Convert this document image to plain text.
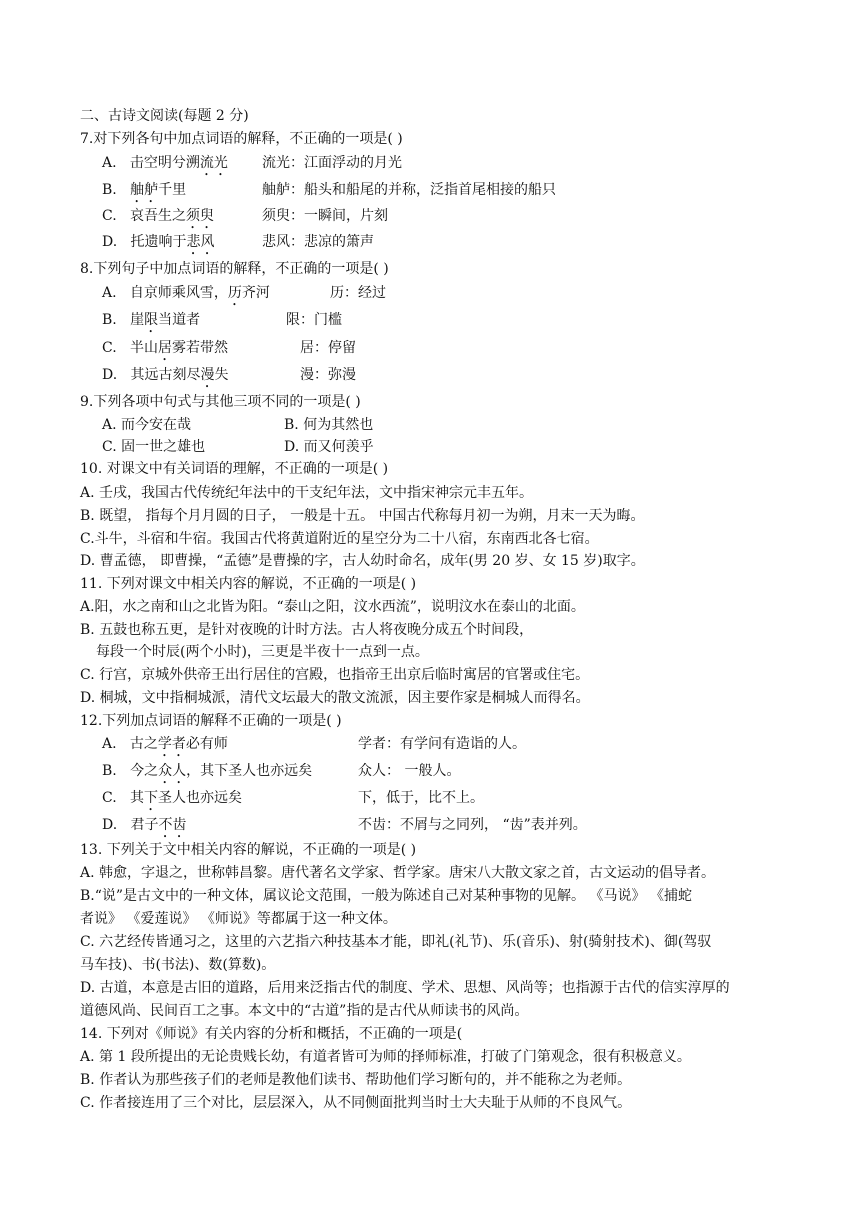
二、古诗文阅读(每题 2 分)
7.对下列各句中加点词语的解释，不正确的一项是( )
A. 击空明兮溯流光 流光：江面浮动的月光
B. 舳舻千里	舳舻：船头和船尾的并称，泛指首尾相接的船只
C. 哀吾生之须臾	须臾：一瞬间，片刻
D. 托遗响于悲风	悲风：悲凉的箫声
8.下列句子中加点词语的解释，不正确的一项是( )
A. 自京师乘风雪，历齐河	历：经过
B. 崖限当道者	限：门槛
C. 半山居雾若带然	居：停留
D. 其远古刻尽漫失	漫：弥漫
9.下列各项中句式与其他三项不同的一项是( )
A. 而今安在哉	B. 何为其然也
C. 固一世之雄也	D. 而又何羡乎
10. 对课文中有关词语的理解，不正确的一项是( )
A. 壬戌，我国古代传统纪年法中的干支纪年法，文中指宋神宗元丰五年。
B. 既望， 指每个月月圆的日子， 一般是十五。 中国古代称每月初一为朔，月末一天为晦。
C.斗牛，斗宿和牛宿。我国古代将黄道附近的星空分为二十八宿，东南西北各七宿。
D. 曹孟德， 即曹操，“孟德”是曹操的字，古人幼时命名，成年(男 20 岁、女 15 岁)取字。
11. 下列对课文中相关内容的解说，不正确的一项是( )
A.阳，水之南和山之北皆为阳。“泰山之阳，汶水西流”，说明汶水在泰山的北面。
B. 五鼓也称五更，是针对夜晚的计时方法。古人将夜晚分成五个时间段，
每段一个时辰(两个小时)，三更是半夜十一点到一点。
C. 行宫，京城外供帝王出行居住的宫殿，也指帝王出京后临时寓居的官署或住宅。
D. 桐城，文中指桐城派，清代文坛最大的散文流派，因主要作家是桐城人而得名。
12.下列加点词语的解释不正确的一项是( )
A. 古之学者必有师	学者：有学问有造诣的人。
B. 今之众人，其下圣人也亦远矣	众人： 一般人。
C. 其下圣人也亦远矣	下，低于，比不上。
D. 君子不齿	不齿：不屑与之同列， “齿”表并列。
13. 下列关于文中相关内容的解说，不正确的一项是( )
A. 韩愈，字退之，世称韩昌黎。唐代著名文学家、哲学家。唐宋八大散文家之首，古文运动的倡导者。
B.“说”是古文中的一种文体，属议论文范围，一般为陈述自己对某种事物的见解。 《马说》 《捕蛇
者说》 《爱莲说》 《师说》等都属于这一种文体。
C. 六艺经传皆通习之，这里的六艺指六种技基本才能，即礼(礼节)、乐(音乐)、射(骑射技术)、御(驾驭
马车技)、书(书法)、数(算数)。
D. 古道，本意是古旧的道路，后用来泛指古代的制度、学术、思想、风尚等；也指源于古代的信实淳厚的
道德风尚、民间百工之事。本文中的“古道”指的是古代从师读书的风尚。
14. 下列对《师说》有关内容的分析和概括，不正确的一项是(
A. 第 1 段所提出的无论贵贱长幼，有道者皆可为师的择师标准，打破了门第观念，很有积极意义。
B. 作者认为那些孩子们的老师是教他们读书、帮助他们学习断句的，并不能称之为老师。
C. 作者接连用了三个对比，层层深入，从不同侧面批判当时士大夫耻于从师的不良风气。
